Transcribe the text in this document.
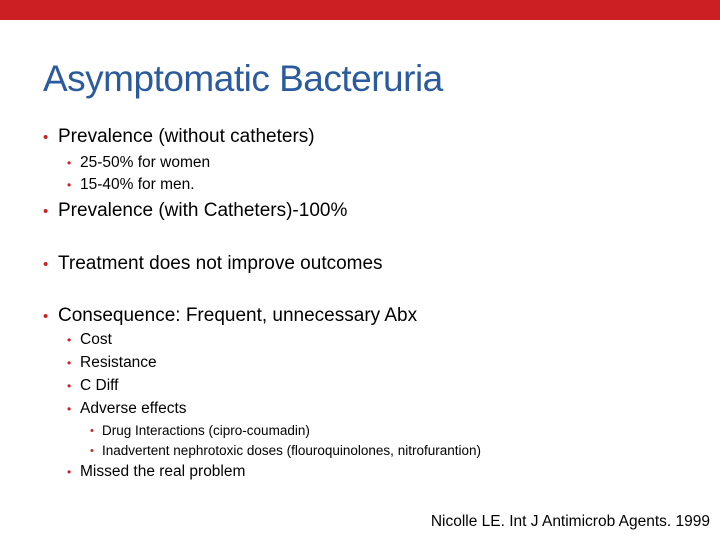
Asymptomatic Bacteruria
• Prevalence (without catheters)
• 25-50% for women
• 15-40% for men.
• Prevalence (with Catheters)-100%
• Treatment does not improve outcomes
• Consequence: Frequent, unnecessary Abx
• Cost
• Resistance
• C Diff
• Adverse effects
• Drug Interactions (cipro-coumadin)
• Inadvertent nephrotoxic doses (flouroquinolones, nitrofurantion)
• Missed the real problem
Nicolle LE. Int J Antimicrob Agents. 1999
